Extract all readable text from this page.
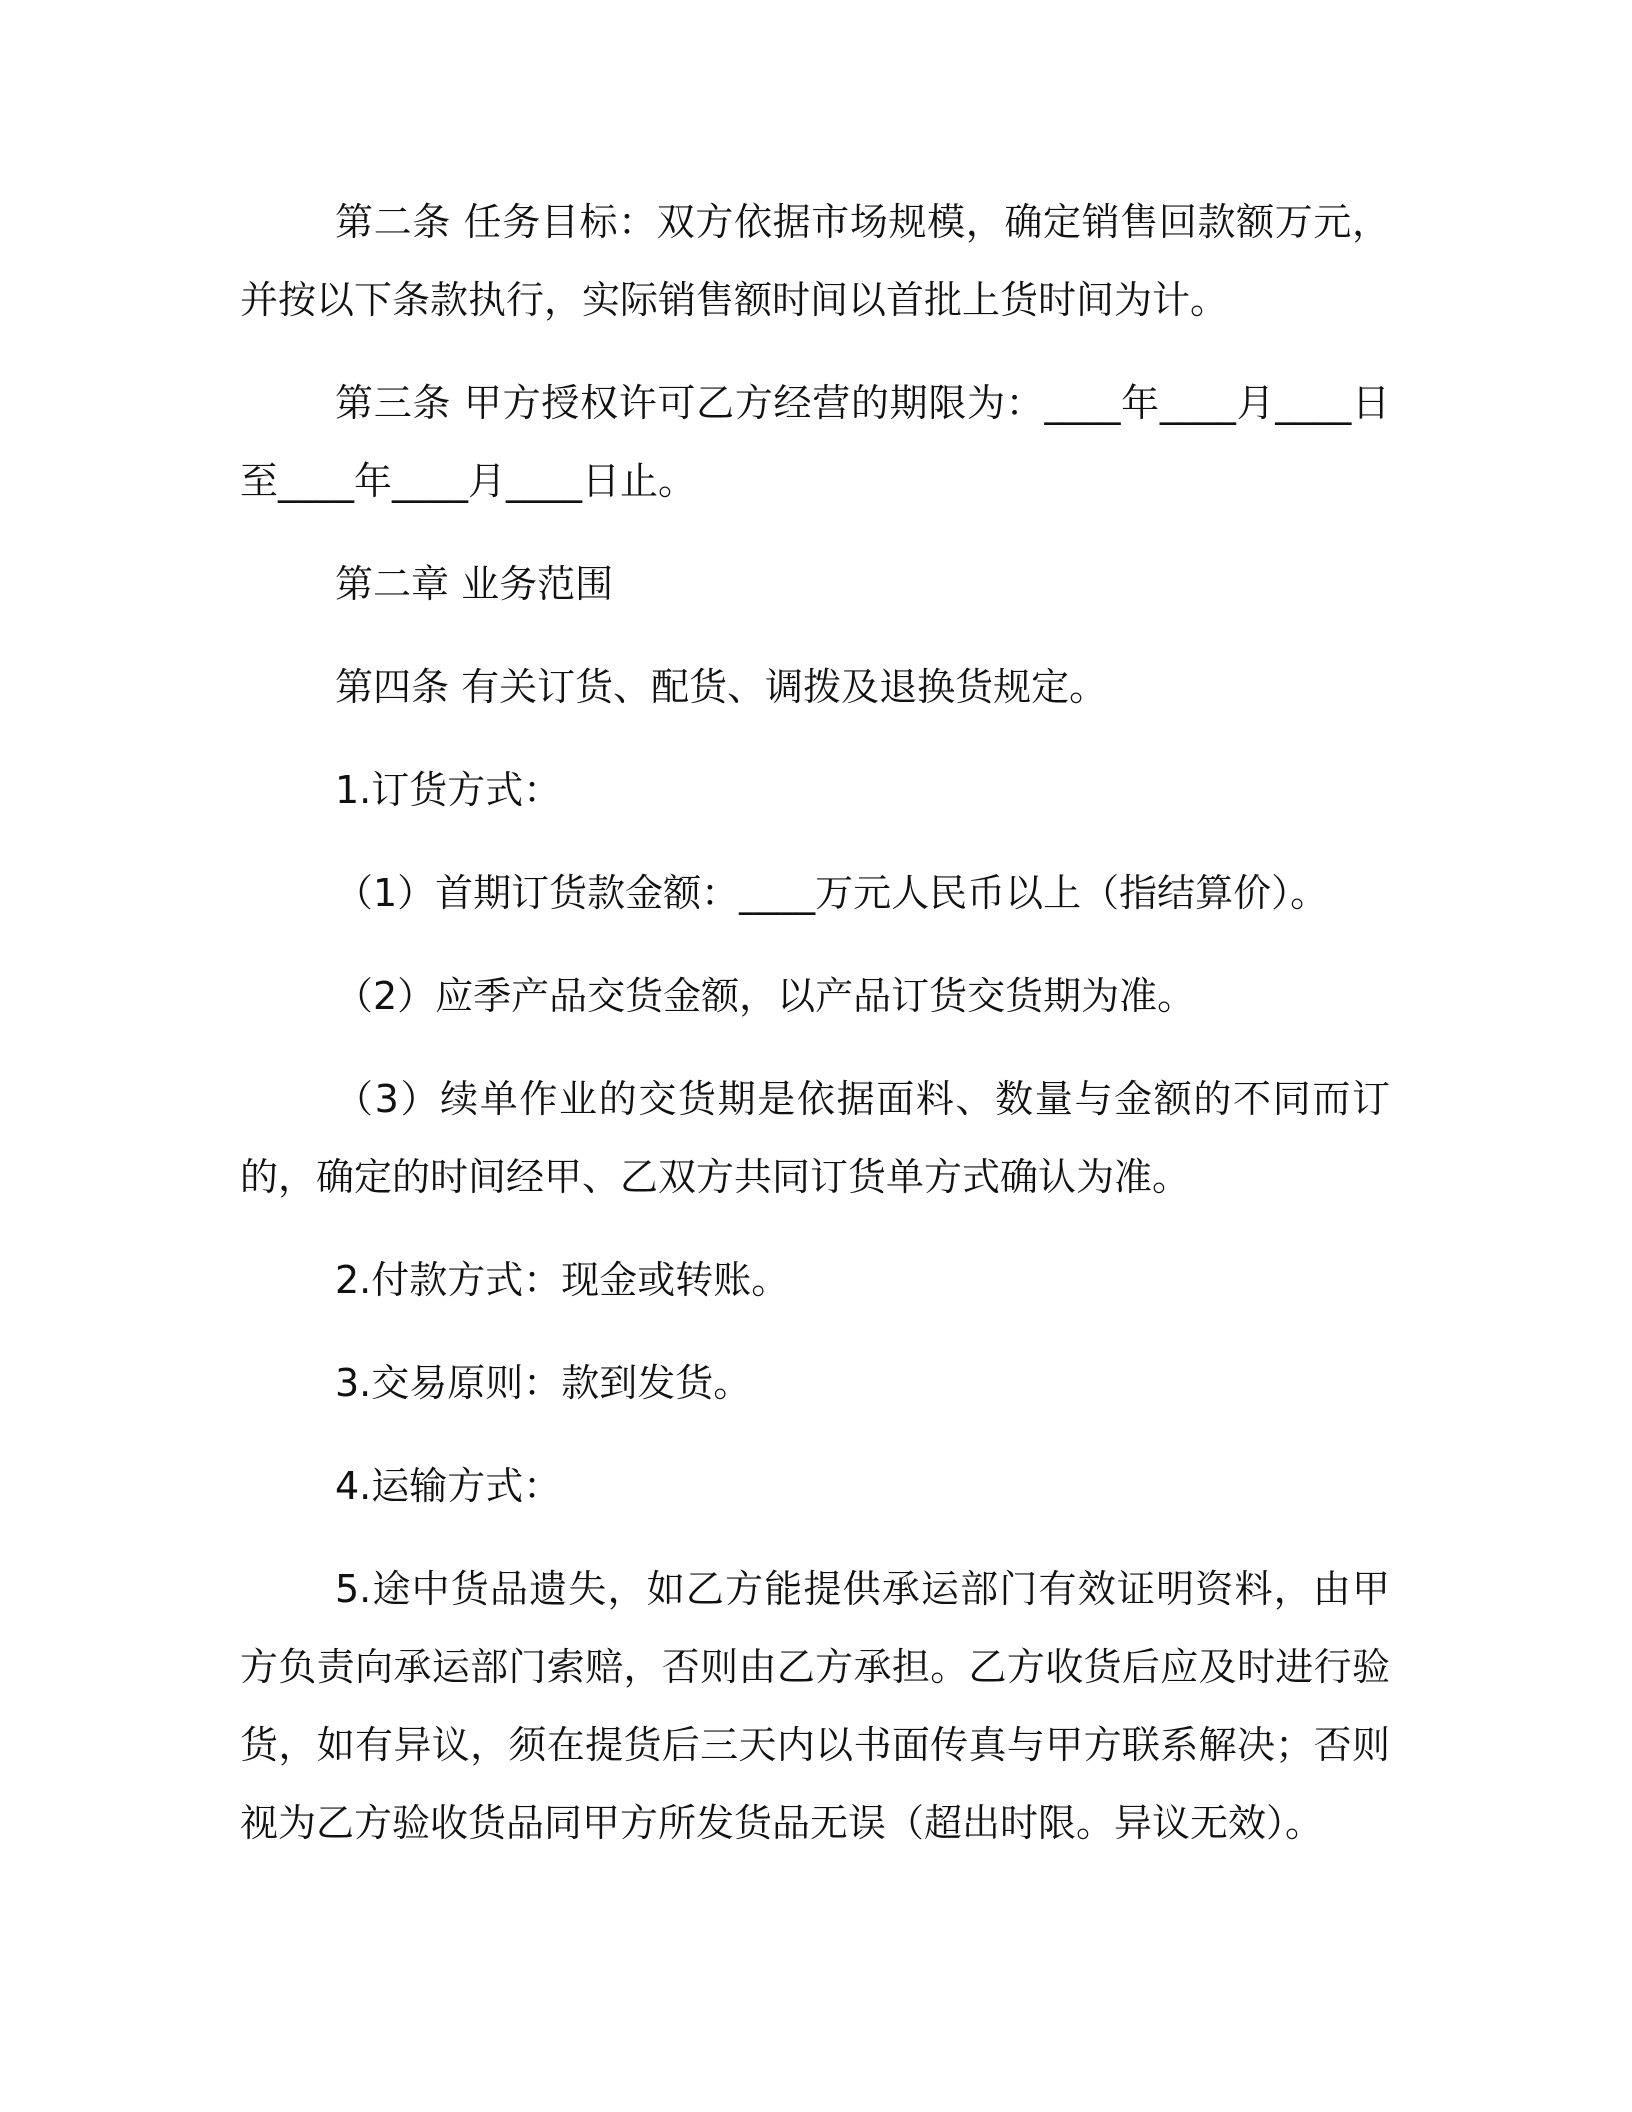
第二条 任务目标：双方依据市场规模，确定销售回款额万元，并按以下条款执行，实际销售额时间以首批上货时间为计。

第三条 甲方授权许可乙方经营的期限为：____年____月____日至____年____月____日止。

第二章 业务范围

第四条 有关订货、配货、调拨及退换货规定。

1.订货方式：

（1）首期订货款金额：____万元人民币以上（指结算价）。

（2）应季产品交货金额，以产品订货交货期为准。

（3）续单作业的交货期是依据面料、数量与金额的不同而订的，确定的时间经甲、乙双方共同订货单方式确认为准。

2.付款方式：现金或转账。

3.交易原则：款到发货。

4.运输方式：

5.途中货品遗失，如乙方能提供承运部门有效证明资料，由甲方负责向承运部门索赔，否则由乙方承担。乙方收货后应及时进行验货，如有异议，须在提货后三天内以书面传真与甲方联系解决；否则视为乙方验收货品同甲方所发货品无误（超出时限。异议无效）。
